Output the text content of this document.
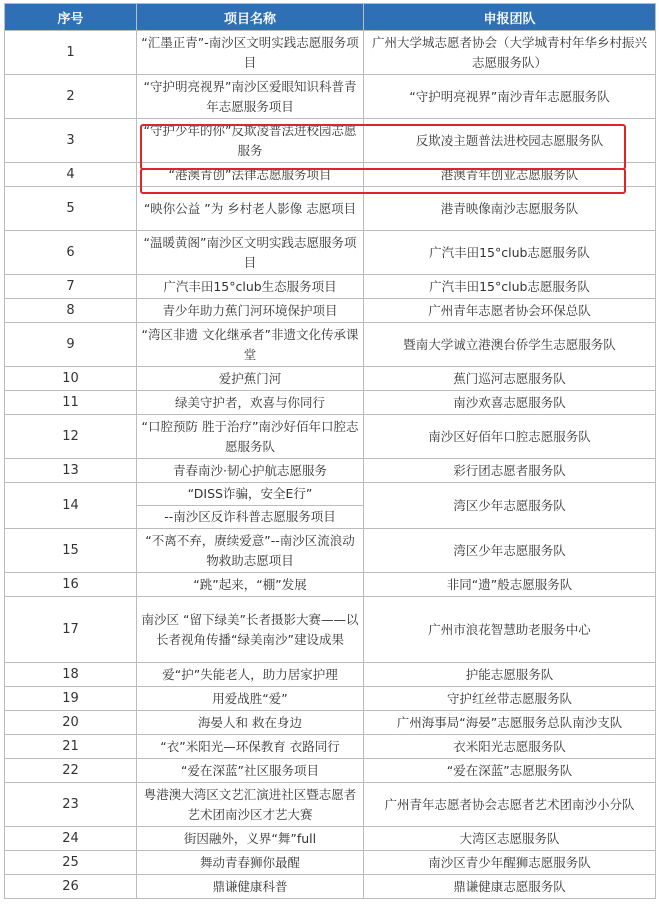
序号	项目名称	申报团队
1	“汇墨正青”-南沙区文明实践志愿服务项目	广州大学城志愿者协会（大学城青村年华乡村振兴志愿服务队）
2	“守护明亮视界”南沙区爱眼知识科普青年志愿服务项目	“守护明亮视界”南沙青年志愿服务队
3	“守护少年的你”反欺凌普法进校园志愿服务	反欺凌主题普法进校园志愿服务队
4	“港澳青创”法律志愿服务项目	港澳青年创业志愿服务队
5	“映你公益 ”为 乡村老人影像 志愿项目	港青映像南沙志愿服务队
6	“温暖黄阁”南沙区文明实践志愿服务项目	广汽丰田15°club志愿服务队
7	广汽丰田15°club生态服务项目	广汽丰田15°club志愿服务队
8	青少年助力蕉门河环境保护项目	广州青年志愿者协会环保总队
9	“湾区非遗 文化继承者”非遗文化传承课堂	暨南大学诚立港澳台侨学生志愿服务队
10	爱护蕉门河	蕉门巡河志愿服务队
11	绿美守护者，欢喜与你同行	南沙欢喜志愿服务队
12	“口腔预防 胜于治疗”南沙好佰年口腔志愿服务队	南沙区好佰年口腔志愿服务队
13	青春南沙·韧心护航志愿服务	彩行团志愿者服务队
14	“DISS诈骗，安全E行”	湾区少年志愿服务队
	--南沙区反诈科普志愿服务项目	
15	“不离不弃，赓续爱意”--南沙区流浪动物救助志愿项目	湾区少年志愿服务队
16	“跳”起来，“棚”发展	非同“遗”般志愿服务队
17	南沙区 “留下绿美”长者摄影大赛——以长者视角传播“绿美南沙”建设成果	广州市浪花智慧助老服务中心
18	爱“护”失能老人，助力居家护理	护能志愿服务队
19	用爱战胜“爱”	守护红丝带志愿服务队
20	海晏人和 救在身边	广州海事局“海晏”志愿服务总队南沙支队
21	“衣”米阳光—环保教育 衣路同行	衣米阳光志愿服务队
22	“爱在深蓝”社区服务项目	“爱在深蓝”志愿服务队
23	粤港澳大湾区文艺汇演进社区暨志愿者艺术团南沙区才艺大赛	广州青年志愿者协会志愿者艺术团南沙小分队
24	街因融外，义界“舞”full	大湾区志愿服务队
25	舞动青春狮你最醒	南沙区青少年醒狮志愿服务队
26	鼎谦健康科普	鼎谦健康志愿服务队
